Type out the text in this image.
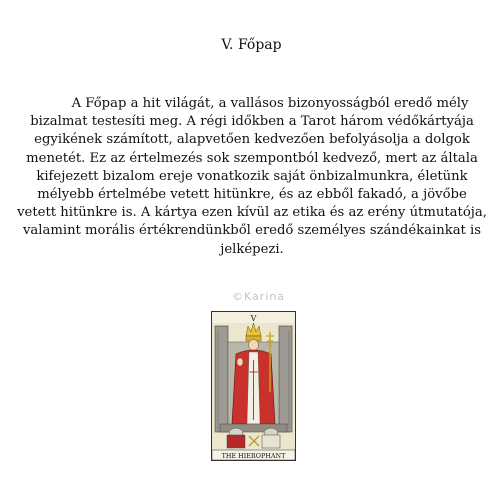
V. Főpap

A Főpap a hit világát, a vallásos bizonyosságból eredő mély bizalmat testesíti meg. A régi időkben a Tarot három védőkártyája egyikének számított, alapvetően kedvezően befolyásolja a dolgok menetét. Ez az értelmezés sok szempontból kedvező, mert az általa kifejezett bizalom ereje vonatkozik saját önbizalmunkra, életünk mélyebb értelmébe vetett hitünkre, és az ebből fakadó, a jövőbe vetett hitünkre is. A kártya ezen kívül az etika és az erény útmutatója, valamint morális értékrendünkből eredő személyes szándékainkat is jelképezi.

©Karina
V
THE HIEROPHANT
